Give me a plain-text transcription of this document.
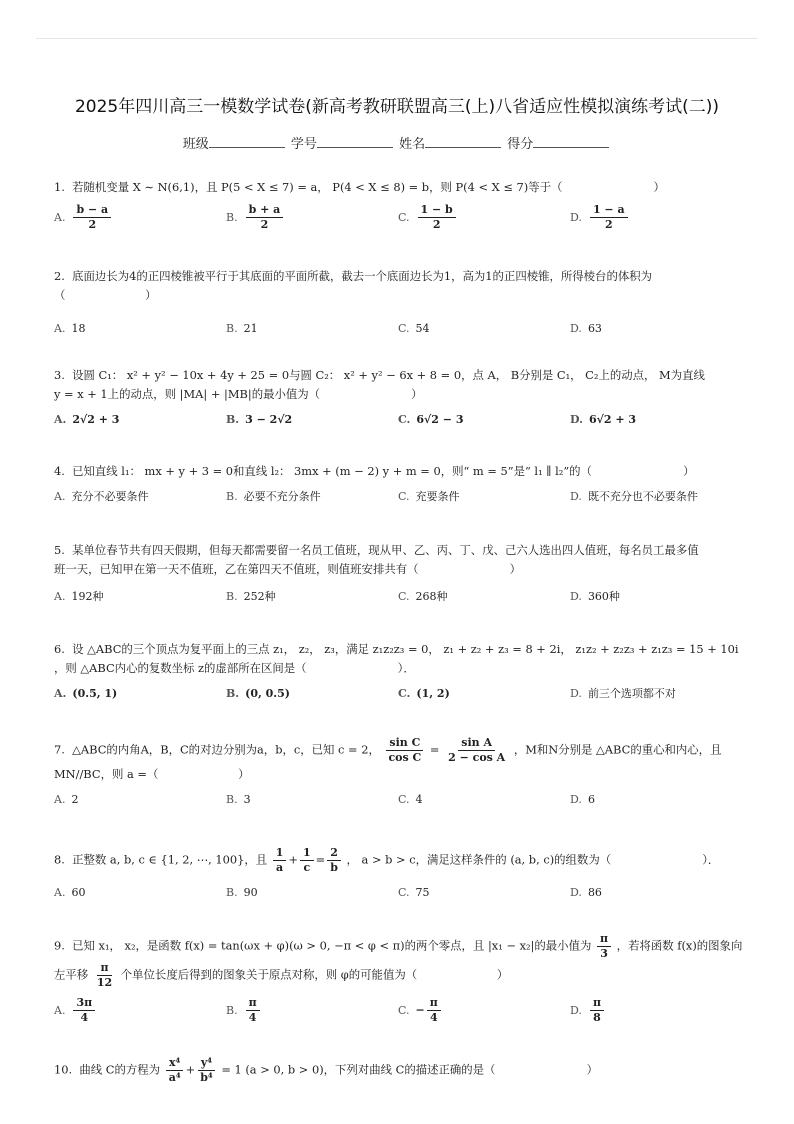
2025年四川高三一模数学试卷(新高考教研联盟高三(上)八省适应性模拟演练考试(二))
班级	学号	姓名	得分
1. 若随机变量 X ∼ N(6,1)，且 P(5 < X ≤ 7) = a， P(4 < X ≤ 8) = b，则 P(4 < X ≤ 7)等于（　　　　　　　　）
A. $\frac{b - a}{2}$	B. $\frac{b + a}{2}$	C. $\frac{1 - b}{2}$	D. $\frac{1 - a}{2}$
2. 底面边长为4的正四棱锥被平行于其底面的平面所截，截去一个底面边长为1，高为1的正四棱锥，所得棱台的体积为
（　　　　　　　）
A. 18	B. 21	C. 54	D. 63
3. 设圆 C₁： x² + y² − 10x + 4y + 25 = 0与圆 C₂： x² + y² − 6x + 8 = 0，点 A， B分别是 C₁， C₂上的动点， M为直线
y = x + 1上的动点，则 |MA| + |MB|的最小值为（　　　　　　　　）
A. 2√2 + 3	B. 3 − 2√2	C. 6√2 − 3	D. 6√2 + 3
4. 已知直线 l₁： mx + y + 3 = 0和直线 l₂： 3mx + (m − 2) y + m = 0，则“ m = 5”是“ l₁ ∥ l₂”的（　　　　　　　　）
A. 充分不必要条件	B. 必要不充分条件	C. 充要条件	D. 既不充分也不必要条件
5. 某单位春节共有四天假期，但每天都需要留一名员工值班，现从甲、乙、丙、丁、戊、己六人选出四人值班，每名员工最多值
班一天，已知甲在第一天不值班，乙在第四天不值班，则值班安排共有（　　　　　　　　）
A. 192种	B. 252种	C. 268种	D. 360种
6. 设 △ABC的三个顶点为复平面上的三点 z₁， z₂， z₃，满足 z₁z₂z₃ = 0， z₁ + z₂ + z₃ = 8 + 2i， z₁z₂ + z₂z₃ + z₁z₃ = 15 + 10i
，则 △ABC内心的复数坐标 z的虚部所在区间是（　　　　　　　　）．
A. (0.5, 1)	B. (0, 0.5)	C. (1, 2)	D. 前三个选项都不对
7. △ABC的内角A，B，C的对边分别为a，b，c，已知 c = 2， $\frac{\text{sin C}}{\text{cos C}} = \frac{\text{sin A}}{\text{2 − cos A}}$ ，M和N分别是 △ABC的重心和内心，且
MN//BC，则 a =（　　　　　　　）
A. 2	B. 3	C. 4	D. 6
8. 正整数 a, b, c ∈ {1, 2, ⋯, 100}，且 $\frac{1}{a} + \frac{1}{c} = \frac{2}{b}$ ， a > b > c，满足这样条件的 (a, b, c)的组数为（　　　　　　　　）．
A. 60	B. 90	C. 75	D. 86
9. 已知 x₁， x₂，是函数 f(x) = tan(ωx + φ)(ω > 0, −π < φ < π)的两个零点，且 |x₁ − x₂|的最小值为 $\frac{\pi}{3}$ ，若将函数 f(x)的图象向
左平移 $\frac{\pi}{12}$ 个单位长度后得到的图象关于原点对称，则 φ的可能值为（　　　　　　　）
A. $\frac{3\pi}{4}$	B. $\frac{\pi}{4}$	C. − $\frac{\pi}{4}$	D. $\frac{\pi}{8}$
10. 曲线 C的方程为 $\frac{\text{x⁴}}{\text{a⁴}} + \frac{\text{y⁴}}{\text{b⁴}} = 1$ (a > 0, b > 0)，下列对曲线 C的描述正确的是（　　　　　　　　）
